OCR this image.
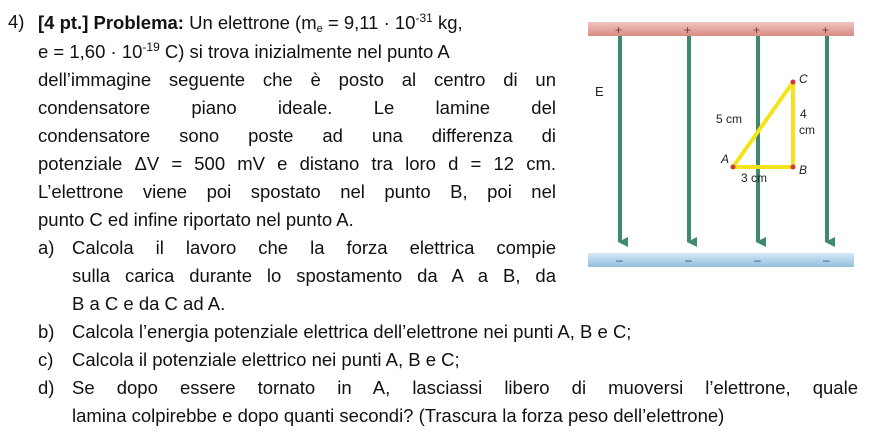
4) [4 pt.] Problema: Un elettrone ($m_e = 9,11 \cdot 10^{-31}$ kg,
$e = 1,60 \cdot 10^{-19}$ C) si trova inizialmente nel punto A
dell’immagine seguente che è posto al centro di un
condensatore piano ideale. Le lamine del
condensatore sono poste ad una differenza di
potenziale ΔV = 500 mV e distano tra loro d = 12 cm.
L’elettrone viene poi spostato nel punto B, poi nel
punto C ed infine riportato nel punto A.
a) Calcola il lavoro che la forza elettrica compie
sulla carica durante lo spostamento da A a B, da
B a C e da C ad A.
b) Calcola l’energia potenziale elettrica dell’elettrone nei punti A, B e C;
c) Calcola il potenziale elettrico nei punti A, B e C;
d) Se dopo essere tornato in A, lasciassi libero di muoversi l’elettrone, quale
lamina colpirebbe e dopo quanti secondi? (Trascura la forza peso dell’elettrone)
+	+	+	+
–	–	–	–
E
A
B
C
5 cm	4
cm
3 cm
